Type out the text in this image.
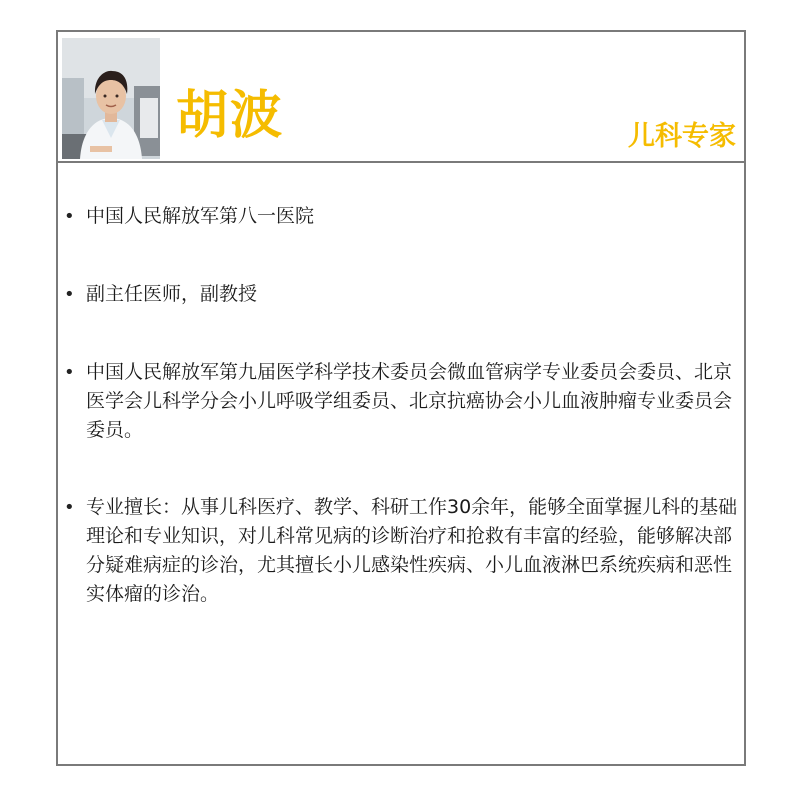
胡波	儿科专家
• 中国人民解放军第八一医院
• 副主任医师，副教授
• 中国人民解放军第九届医学科学技术委员会微血管病学专业委员会委员、北京医学会儿科学分会小儿呼吸学组委员、北京抗癌协会小儿血液肿瘤专业委员会委员。
• 专业擅长：从事儿科医疗、教学、科研工作30余年，能够全面掌握儿科的基础理论和专业知识，对儿科常见病的诊断治疗和抢救有丰富的经验，能够解决部分疑难病症的诊治，尤其擅长小儿感染性疾病、小儿血液淋巴系统疾病和恶性实体瘤的诊治。
